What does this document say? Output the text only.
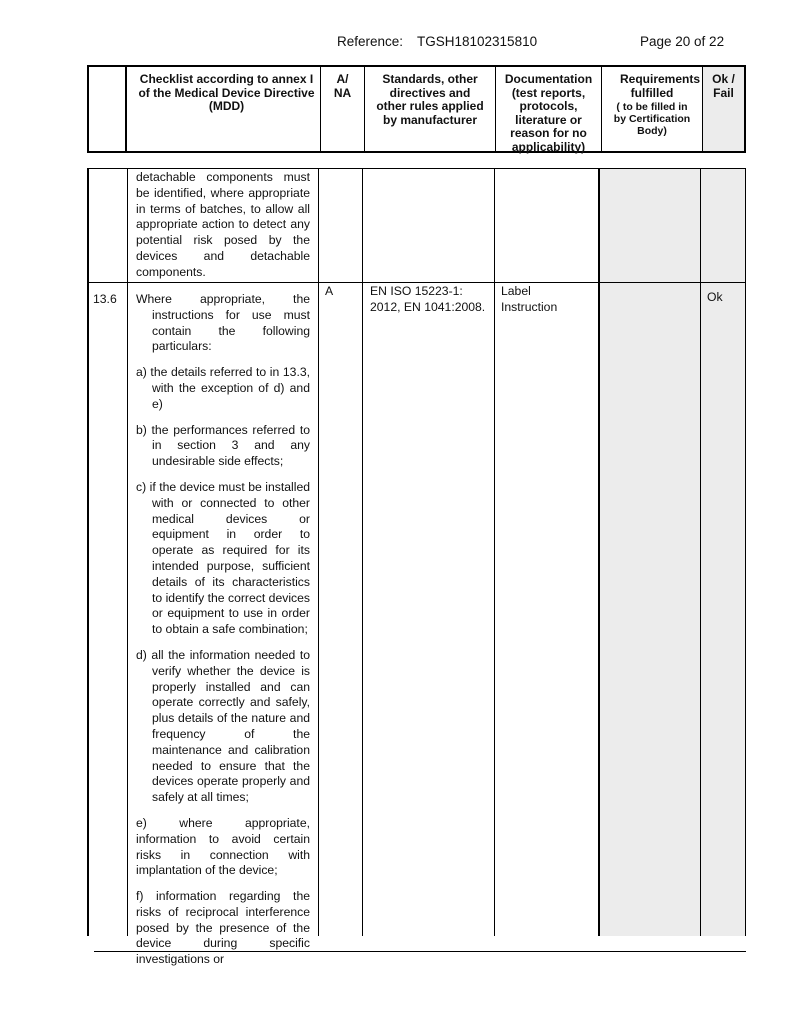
Reference: TGSH18102315810	Page 20 of 22
Checklist according to annex I of the Medical Device Directive (MDD)
A/ NA
Standards, other directives and other rules applied by manufacturer
Documentation (test reports, protocols, literature or reason for no applicability)
Requirements fulfilled
( to be filled in by Certification Body)
Ok / Fail
detachable components must be identified, where appropriate in terms of batches, to allow all appropriate action to detect any potential risk posed by the devices and detachable components.
13.6 Where appropriate, the instructions for use must contain the following particulars:

a) the details referred to in 13.3, with the exception of d) and e)

b) the performances referred to in section 3 and any undesirable side effects;

c) if the device must be installed with or connected to other medical devices or equipment in order to operate as required for its intended purpose, sufficient details of its characteristics to identify the correct devices or equipment to use in order to obtain a safe combination;

d) all the information needed to verify whether the device is properly installed and can operate correctly and safely, plus details of the nature and frequency of the maintenance and calibration needed to ensure that the devices operate properly and safely at all times;

e) where appropriate, information to avoid certain risks in connection with implantation of the device;

f) information regarding the risks of reciprocal interference posed by the presence of the device during specific investigations or

A	EN ISO 15223-1: 2012, EN 1041:2008.
Label
Instruction
Ok
